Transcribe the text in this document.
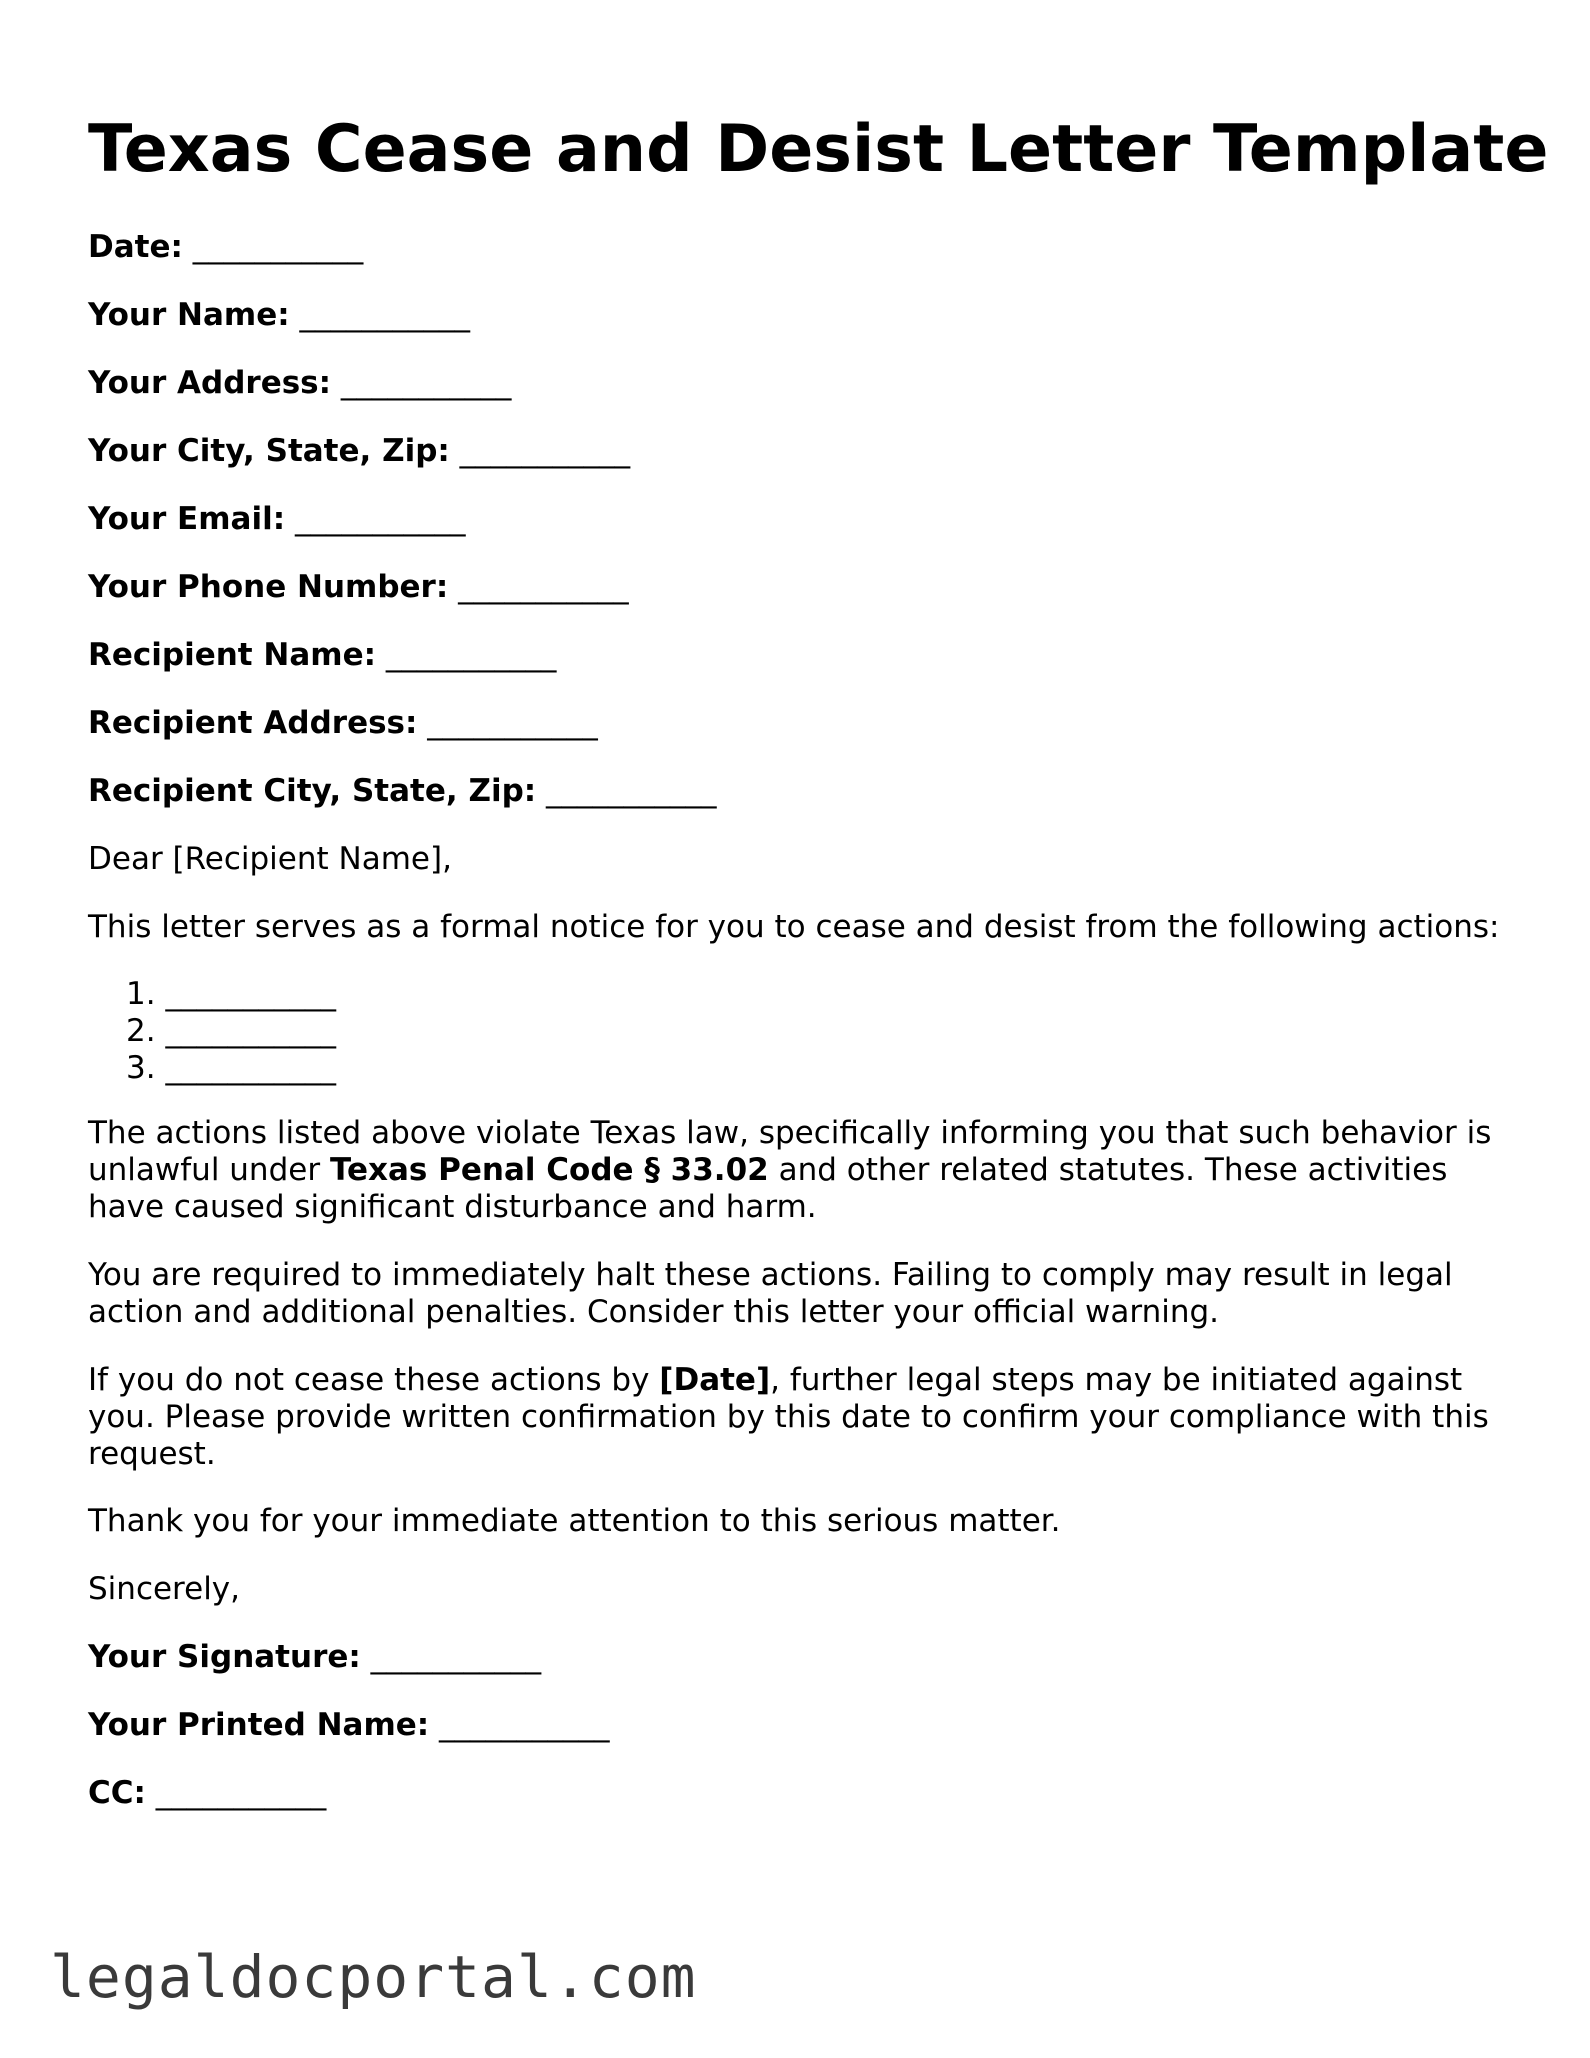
Texas Cease and Desist Letter Template
Date: ___________
Your Name: ___________
Your Address: ___________
Your City, State, Zip: ___________
Your Email: ___________
Your Phone Number: ___________
Recipient Name: ___________
Recipient Address: ___________
Recipient City, State, Zip: ___________
Dear [Recipient Name],
This letter serves as a formal notice for you to cease and desist from the following actions:
1. ___________
2. ___________
3. ___________

The actions listed above violate Texas law, specifically informing you that such behavior is unlawful under Texas Penal Code § 33.02 and other related statutes. These activities have caused significant disturbance and harm.

You are required to immediately halt these actions. Failing to comply may result in legal action and additional penalties. Consider this letter your official warning.

If you do not cease these actions by [Date], further legal steps may be initiated against you. Please provide written confirmation by this date to confirm your compliance with this request.

Thank you for your immediate attention to this serious matter.
Sincerely,
Your Signature: ___________
Your Printed Name: ___________
CC: ___________
legaldocportal.com
